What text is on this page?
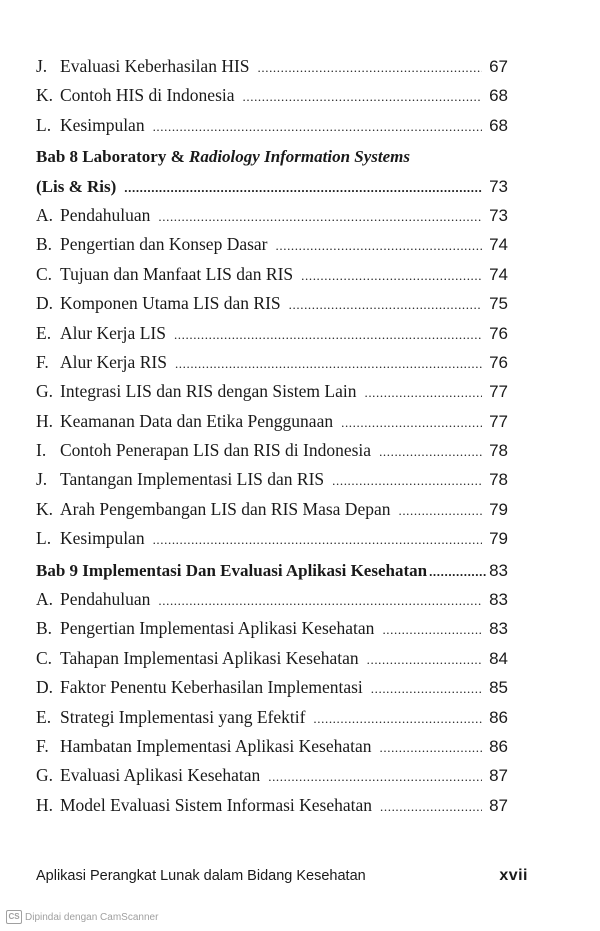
J. Evaluasi Keberhasilan HIS .....	67
K. Contoh HIS di Indonesia .....	68
L. Kesimpulan .....	68
Bab 8 Laboratory & Radiology Information Systems
(Lis & Ris) .....	73
A. Pendahuluan .....	73
B. Pengertian dan Konsep Dasar .....	74
C. Tujuan dan Manfaat LIS dan RIS .....	74
D. Komponen Utama LIS dan RIS .....	75
E. Alur Kerja LIS .....	76
F. Alur Kerja RIS .....	76
G. Integrasi LIS dan RIS dengan Sistem Lain .....	77
H. Keamanan Data dan Etika Penggunaan .....	77
I. Contoh Penerapan LIS dan RIS di Indonesia .....	78
J. Tantangan Implementasi LIS dan RIS .....	78
K. Arah Pengembangan LIS dan RIS Masa Depan .....	79
L. Kesimpulan .....	79
Bab 9 Implementasi Dan Evaluasi Aplikasi Kesehatan .....	83
A. Pendahuluan .....	83
B. Pengertian Implementasi Aplikasi Kesehatan .....	83
C. Tahapan Implementasi Aplikasi Kesehatan .....	84
D. Faktor Penentu Keberhasilan Implementasi .....	85
E. Strategi Implementasi yang Efektif .....	86
F. Hambatan Implementasi Aplikasi Kesehatan .....	86
G. Evaluasi Aplikasi Kesehatan .....	87
H. Model Evaluasi Sistem Informasi Kesehatan .....	87
Aplikasi Perangkat Lunak dalam Bidang Kesehatan	xvii
CS Dipindai dengan CamScanner
